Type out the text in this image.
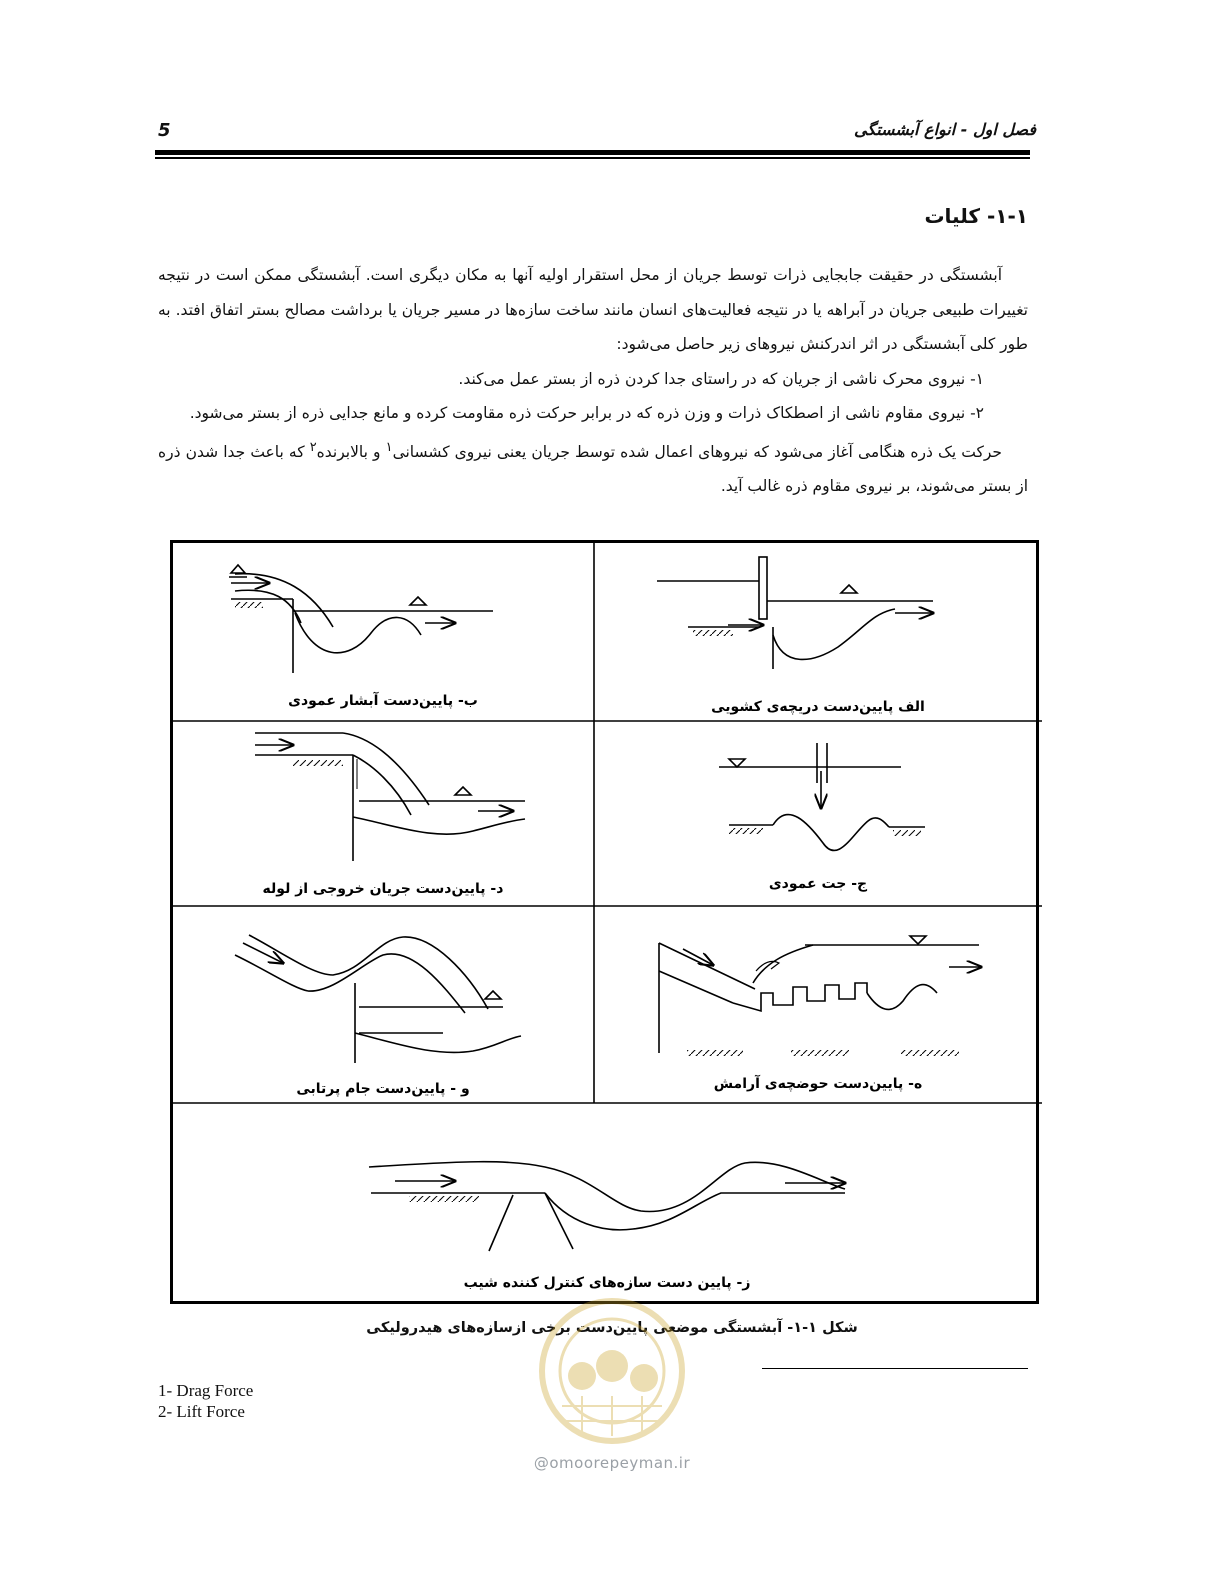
فصل اول - انواع آبشستگی
5
۱-۱- کلیات

آبشستگی در حقیقت جابجایی ذرات توسط جریان از محل استقرار اولیه آنها به مکان دیگری است. آبشستگی ممکن است در نتیجه تغییرات طبیعی جریان در آبراهه یا در نتیجه فعالیت‌های انسان مانند ساخت سازه‌ها در مسیر جریان یا برداشت مصالح بستر اتفاق افتد. به طور کلی آبشستگی در اثر اندرکنش نیروهای زیر حاصل می‌شود:

۱- نیروی محرک ناشی از جریان که در راستای جدا کردن ذره از بستر عمل می‌کند.

۲- نیروی مقاوم ناشی از اصطکاک ذرات و وزن ذره که در برابر حرکت ذره مقاومت کرده و مانع جدایی ذره از بستر می‌شود.

حرکت یک ذره هنگامی آغاز می‌شود که نیروهای اعمال شده توسط جریان یعنی نیروی کشسانی$^۱$ و بالابرنده$^۲$ که باعث جدا شدن ذره از بستر می‌شوند، بر نیروی مقاوم ذره غالب آید.

ب- پایین‌دست آبشار عمودی	الف پایین‌دست دریچه‌ی کشویی
د- پایین‌دست جریان خروجی از لوله	ج- جت عمودی
و - پایین‌دست جام پرتابی	ه- پایین‌دست حوضچه‌ی آرامش
ز- پایین دست سازه‌های کنترل کننده شیب
شکل ۱-۱- آبشستگی موضعی پایین‌دست برخی ازسازه‌های هیدرولیکی
1- Drag Force
2- Lift Force
@omoorepeyman.ir
